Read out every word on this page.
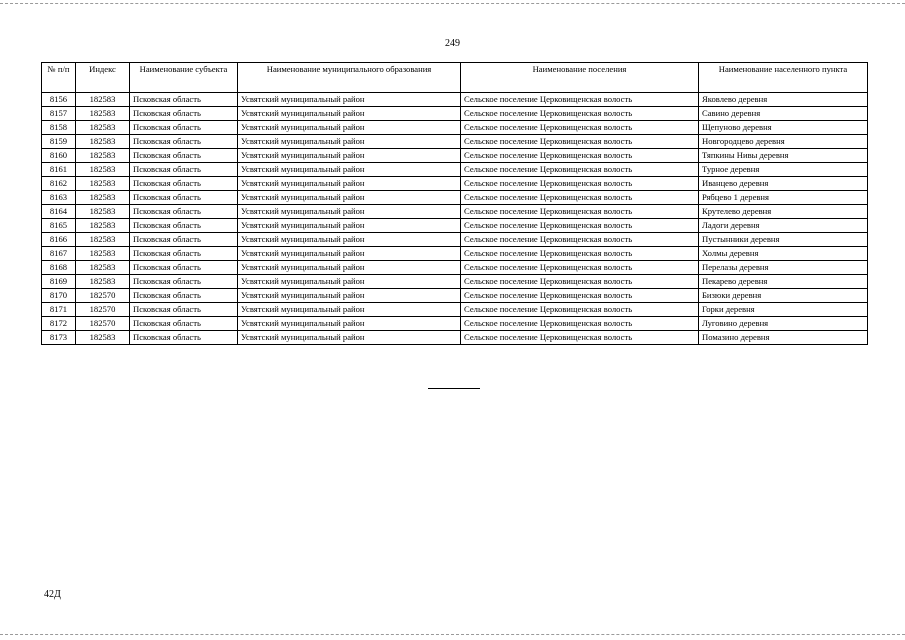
249
№ п/п	Индекс	Наименование субъекта	Наименование муниципального образования	Наименование поселения	Наименование населенного пункта
8156	182583	Псковская область	Усвятский муниципальный район	Сельское поселение Церковищенская волость	Яковлево деревня
8157	182583	Псковская область	Усвятский муниципальный район	Сельское поселение Церковищенская волость	Савино деревня
8158	182583	Псковская область	Усвятский муниципальный район	Сельское поселение Церковищенская волость	Щепуново деревня
8159	182583	Псковская область	Усвятский муниципальный район	Сельское поселение Церковищенская волость	Новгородцево деревня
8160	182583	Псковская область	Усвятский муниципальный район	Сельское поселение Церковищенская волость	Тяпкины Нивы деревня
8161	182583	Псковская область	Усвятский муниципальный район	Сельское поселение Церковищенская волость	Турное деревня
8162	182583	Псковская область	Усвятский муниципальный район	Сельское поселение Церковищенская волость	Иванцево деревня
8163	182583	Псковская область	Усвятский муниципальный район	Сельское поселение Церковищенская волость	Рябцево 1 деревня
8164	182583	Псковская область	Усвятский муниципальный район	Сельское поселение Церковищенская волость	Крутелево деревня
8165	182583	Псковская область	Усвятский муниципальный район	Сельское поселение Церковищенская волость	Ладоги деревня
8166	182583	Псковская область	Усвятский муниципальный район	Сельское поселение Церковищенская волость	Пустынники деревня
8167	182583	Псковская область	Усвятский муниципальный район	Сельское поселение Церковищенская волость	Холмы деревня
8168	182583	Псковская область	Усвятский муниципальный район	Сельское поселение Церковищенская волость	Перелазы деревня
8169	182583	Псковская область	Усвятский муниципальный район	Сельское поселение Церковищенская волость	Пекарево деревня
8170	182570	Псковская область	Усвятский муниципальный район	Сельское поселение Церковищенская волость	Бизюки деревня
8171	182570	Псковская область	Усвятский муниципальный район	Сельское поселение Церковищенская волость	Горки деревня
8172	182570	Псковская область	Усвятский муниципальный район	Сельское поселение Церковищенская волость	Луговино деревня
8173	182583	Псковская область	Усвятский муниципальный район	Сельское поселение Церковищенская волость	Помазино деревня
42Д
